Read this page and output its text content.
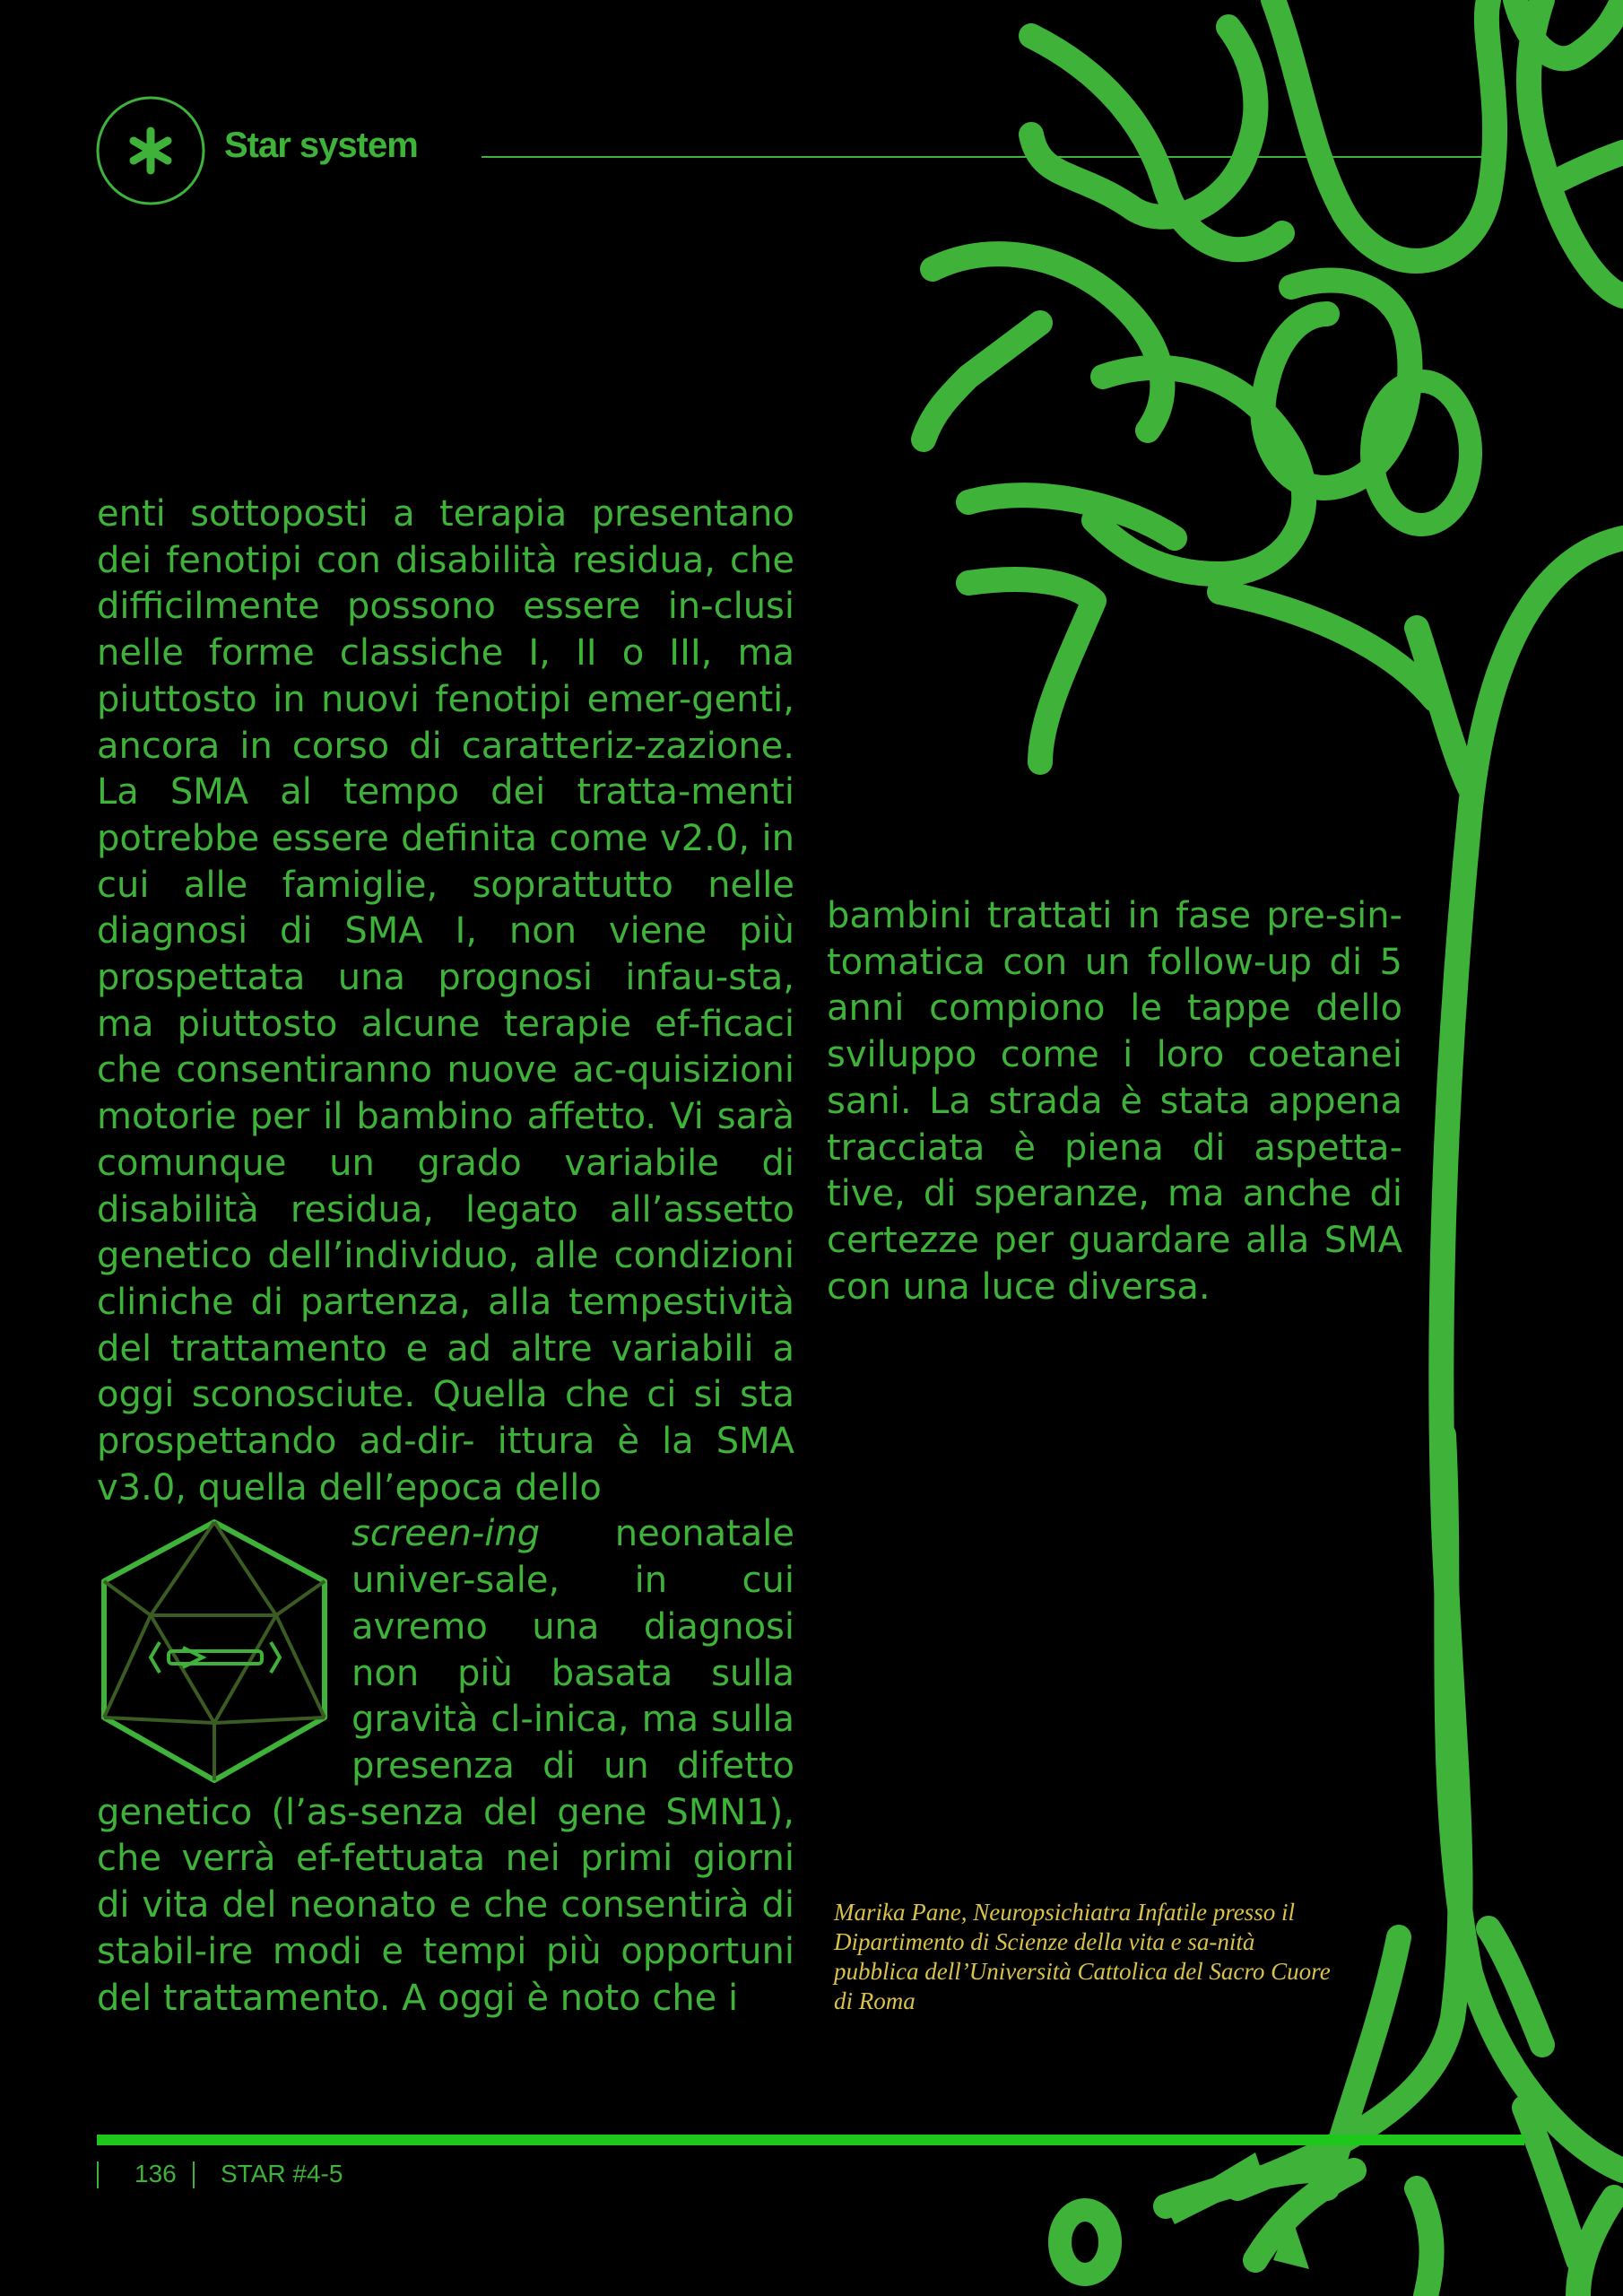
Star system

enti sottoposti a terapia presentano dei fenotipi con disabilità residua, che difficilmente possono essere in-clusi nelle forme classiche I, II o III, ma piuttosto in nuovi fenotipi emer-genti, ancora in corso di caratteriz-zazione. La SMA al tempo dei tratta-menti potrebbe essere definita come v2.0, in cui alle famiglie, soprattutto nelle diagnosi di SMA I, non viene più prospettata una prognosi infau-sta, ma piuttosto alcune terapie ef-ficaci che consentiranno nuove ac-quisizioni motorie per il bambino affetto. Vi sarà comunque un grado variabile di disabilità residua, legato all’assetto genetico dell’individuo, alle condizioni cliniche di partenza, alla tempestività del trattamento e ad altre variabili a oggi sconosciute. Quella che ci si sta prospettando ad-dir- ittura è la SMA v3.0, quella dell’epoca dello

screen-ing neonatale univer-sale, in cui avremo una diagnosi non più basata sulla gravità cl-inica, ma sulla presenza di un difetto genetico (l’as-senza del gene SMN1), che verrà ef-fettuata nei primi giorni di vita del neonato e che consentirà di stabil-ire modi e tempi più opportuni del trattamento. A oggi è noto che i

bambini trattati in fase pre-sin-tomatica con un follow-up di 5 anni compiono le tappe dello sviluppo come i loro coetanei sani. La strada è stata appena tracciata è piena di aspetta-tive, di speranze, ma anche di certezze per guardare alla SMA con una luce diversa.

Marika Pane, Neuropsichiatra Infatile presso il Dipartimento di Scienze della vita e sa-nità pubblica dell’Università Cattolica del Sacro Cuore di Roma
136 STAR #4-5
